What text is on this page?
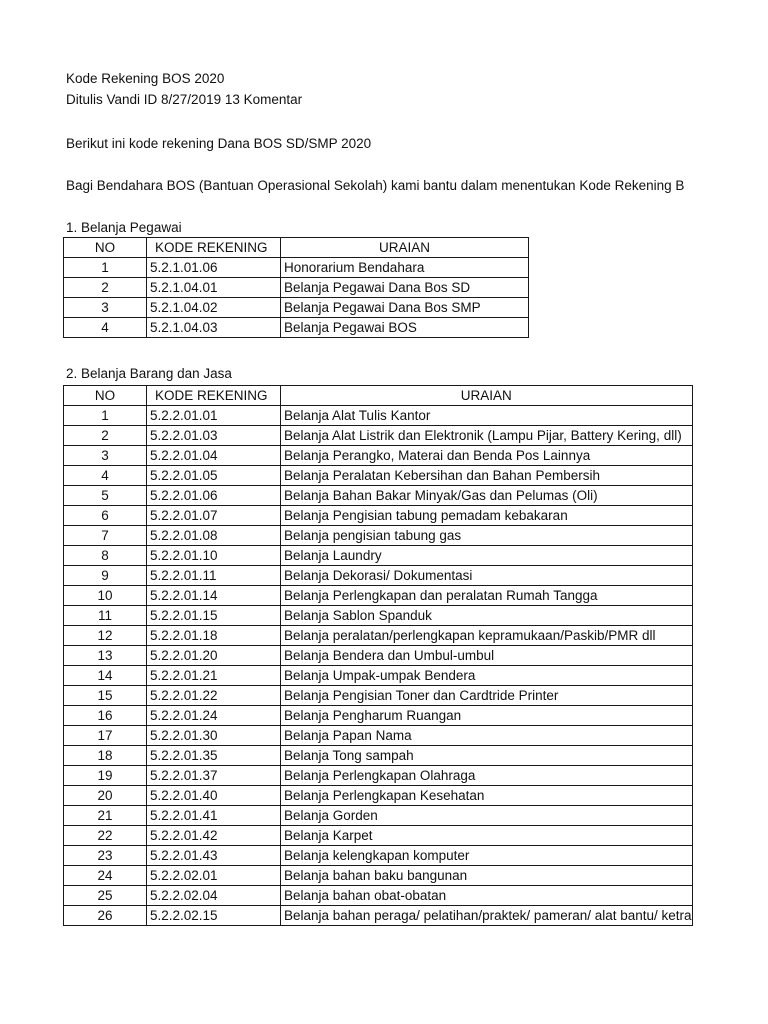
Kode Rekening BOS 2020
Ditulis Vandi ID 8/27/2019 13 Komentar
Berikut ini kode rekening Dana BOS SD/SMP 2020
Bagi Bendahara BOS (Bantuan Operasional Sekolah) kami bantu dalam menentukan Kode Rekening B
1. Belanja Pegawai
NO	KODE REKENING	URAIAN
1	5.2.1.01.06	Honorarium Bendahara
2	5.2.1.04.01	Belanja Pegawai Dana Bos SD
3	5.2.1.04.02	Belanja Pegawai Dana Bos SMP
4	5.2.1.04.03	Belanja Pegawai BOS
2. Belanja Barang dan Jasa
NO	KODE REKENING	URAIAN
1	5.2.2.01.01	Belanja Alat Tulis Kantor
2	5.2.2.01.03	Belanja Alat Listrik dan Elektronik (Lampu Pijar, Battery Kering, dll)
3	5.2.2.01.04	Belanja Perangko, Materai dan Benda Pos Lainnya
4	5.2.2.01.05	Belanja Peralatan Kebersihan dan Bahan Pembersih
5	5.2.2.01.06	Belanja Bahan Bakar Minyak/Gas dan Pelumas (Oli)
6	5.2.2.01.07	Belanja Pengisian tabung pemadam kebakaran
7	5.2.2.01.08	Belanja pengisian tabung gas
8	5.2.2.01.10	Belanja Laundry
9	5.2.2.01.11	Belanja Dekorasi/ Dokumentasi
10	5.2.2.01.14	Belanja Perlengkapan dan peralatan Rumah Tangga
11	5.2.2.01.15	Belanja Sablon Spanduk
12	5.2.2.01.18	Belanja peralatan/perlengkapan kepramukaan/Paskib/PMR dll
13	5.2.2.01.20	Belanja Bendera dan Umbul-umbul
14	5.2.2.01.21	Belanja Umpak-umpak Bendera
15	5.2.2.01.22	Belanja Pengisian Toner dan Cardtride Printer
16	5.2.2.01.24	Belanja Pengharum Ruangan
17	5.2.2.01.30	Belanja Papan Nama
18	5.2.2.01.35	Belanja Tong sampah
19	5.2.2.01.37	Belanja Perlengkapan Olahraga
20	5.2.2.01.40	Belanja Perlengkapan Kesehatan
21	5.2.2.01.41	Belanja Gorden
22	5.2.2.01.42	Belanja Karpet
23	5.2.2.01.43	Belanja kelengkapan komputer
24	5.2.2.02.01	Belanja bahan baku bangunan
25	5.2.2.02.04	Belanja bahan obat-obatan
26	5.2.2.02.15	Belanja bahan peraga/ pelatihan/praktek/ pameran/ alat bantu/ ketra
